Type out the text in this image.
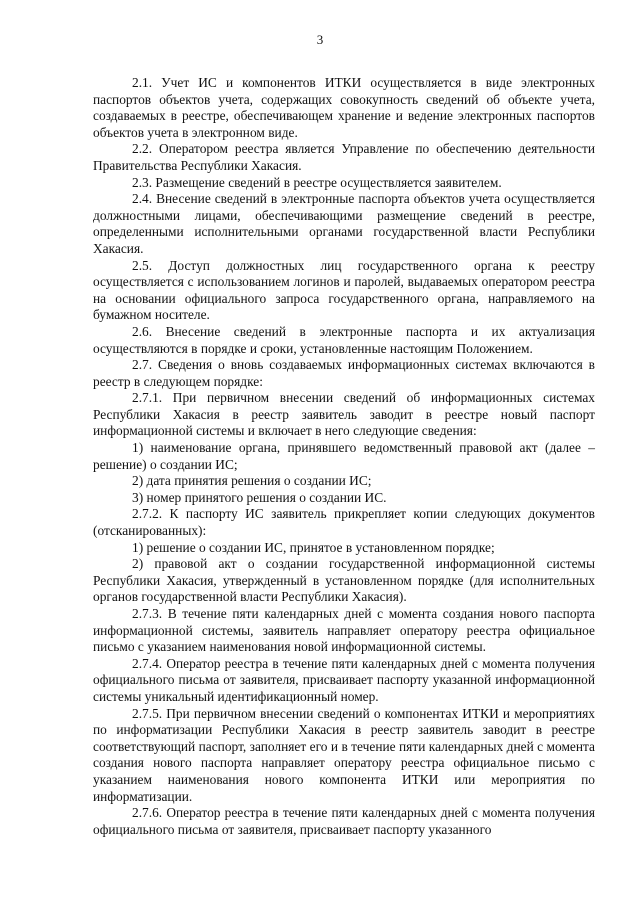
3

2.1. Учет ИС и компонентов ИТКИ осуществляется в виде электронных паспортов объектов учета, содержащих совокупность сведений об объекте учета, создаваемых в реестре, обеспечивающем хранение и ведение электронных паспортов объектов учета в электронном виде.

2.2. Оператором реестра является Управление по обеспечению деятельности Правительства Республики Хакасия.

2.3. Размещение сведений в реестре осуществляется заявителем.

2.4. Внесение сведений в электронные паспорта объектов учета осуществляется должностными лицами, обеспечивающими размещение сведений в реестре, определенными исполнительными органами государственной власти Республики Хакасия.

2.5. Доступ должностных лиц государственного органа к реестру осуществляется с использованием логинов и паролей, выдаваемых оператором реестра на основании официального запроса государственного органа, направляемого на бумажном носителе.

2.6. Внесение сведений в электронные паспорта и их актуализация осуществляются в порядке и сроки, установленные настоящим Положением.

2.7. Сведения о вновь создаваемых информационных системах включаются в реестр в следующем порядке:

2.7.1. При первичном внесении сведений об информационных системах Республики Хакасия в реестр заявитель заводит в реестре новый паспорт информационной системы и включает в него следующие сведения:

1) наименование органа, принявшего ведомственный правовой акт (далее – решение) о создании ИС;

2) дата принятия решения о создании ИС;

3) номер принятого решения о создании ИС.

2.7.2. К паспорту ИС заявитель прикрепляет копии следующих документов (отсканированных):

1) решение о создании ИС, принятое в установленном порядке;

2) правовой акт о создании государственной информационной системы Республики Хакасия, утвержденный в установленном порядке (для исполнительных органов государственной власти Республики Хакасия).

2.7.3. В течение пяти календарных дней с момента создания нового паспорта информационной системы, заявитель направляет оператору реестра официальное письмо с указанием наименования новой информационной системы.

2.7.4. Оператор реестра в течение пяти календарных дней с момента получения официального письма от заявителя, присваивает паспорту указанной информационной системы уникальный идентификационный номер.

2.7.5. При первичном внесении сведений о компонентах ИТКИ и мероприятиях по информатизации Республики Хакасия в реестр заявитель заводит в реестре соответствующий паспорт, заполняет его и в течение пяти календарных дней с момента создания нового паспорта направляет оператору реестра официальное письмо с указанием наименования нового компонента ИТКИ или мероприятия по информатизации.

2.7.6. Оператор реестра в течение пяти календарных дней с момента получения официального письма от заявителя, присваивает паспорту указанного
